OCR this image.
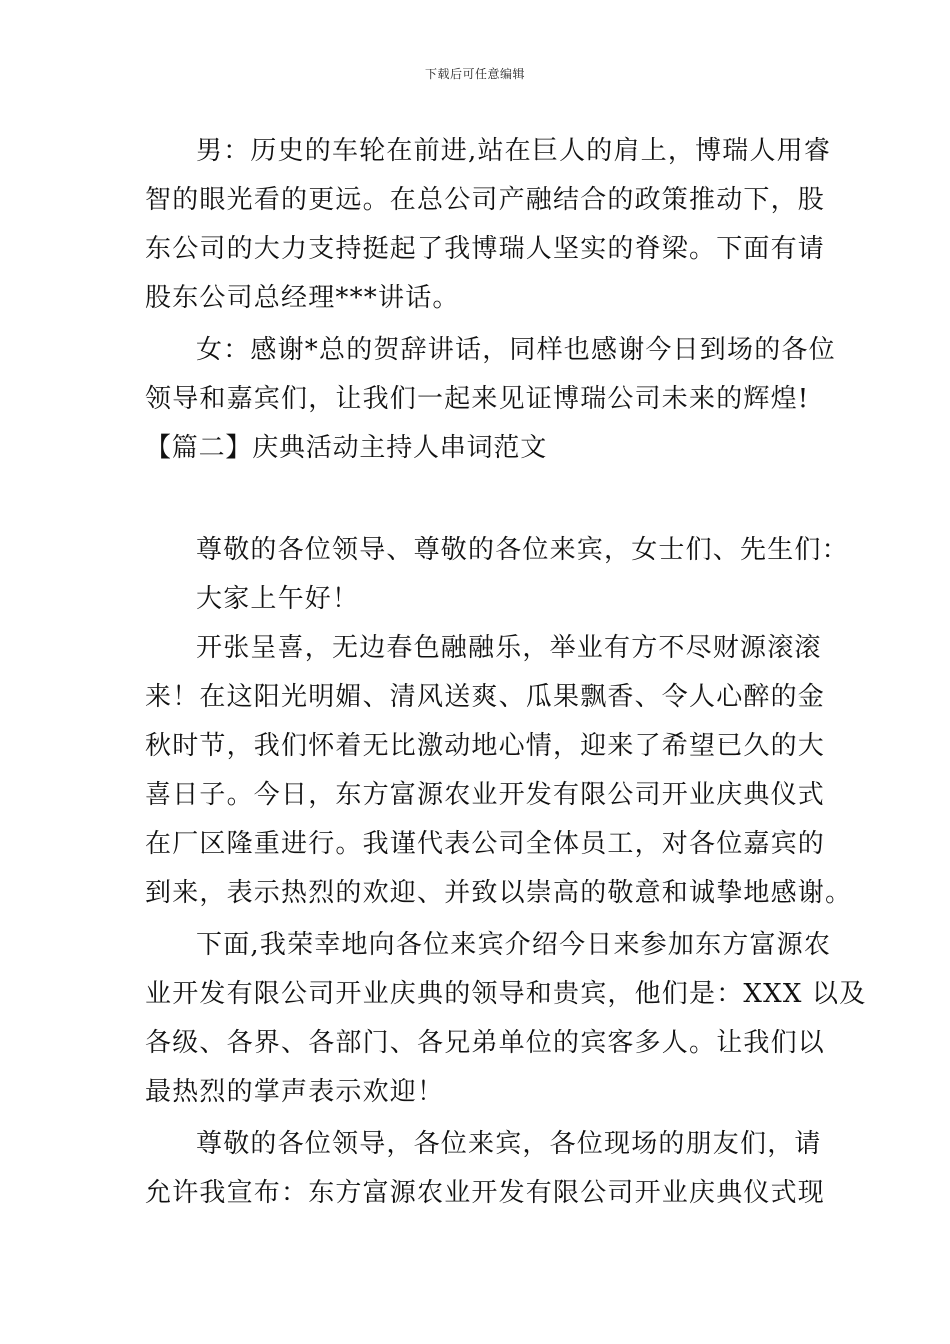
下载后可任意编辑
男：历史的车轮在前进,站在巨人的肩上，博瑞人用睿
智的眼光看的更远。在总公司产融结合的政策推动下，股
东公司的大力支持挺起了我博瑞人坚实的脊梁。下面有请
股东公司总经理***讲话。
女：感谢*总的贺辞讲话，同样也感谢今日到场的各位
领导和嘉宾们，让我们一起来见证博瑞公司未来的辉煌!
【篇二】庆典活动主持人串词范文
尊敬的各位领导、尊敬的各位来宾，女士们、先生们：
大家上午好！
开张呈喜，无边春色融融乐，举业有方不尽财源滚滚
来！在这阳光明媚、清风送爽、瓜果飘香、令人心醉的金
秋时节，我们怀着无比激动地心情，迎来了希望已久的大
喜日子。今日，东方富源农业开发有限公司开业庆典仪式
在厂区隆重进行。我谨代表公司全体员工，对各位嘉宾的
到来，表示热烈的欢迎、并致以崇高的敬意和诚挚地感谢。
下面,我荣幸地向各位来宾介绍今日来参加东方富源农
业开发有限公司开业庆典的领导和贵宾，他们是：XXX 以及
各级、各界、各部门、各兄弟单位的宾客多人。让我们以
最热烈的掌声表示欢迎！
尊敬的各位领导，各位来宾，各位现场的朋友们，请
允许我宣布：东方富源农业开发有限公司开业庆典仪式现
